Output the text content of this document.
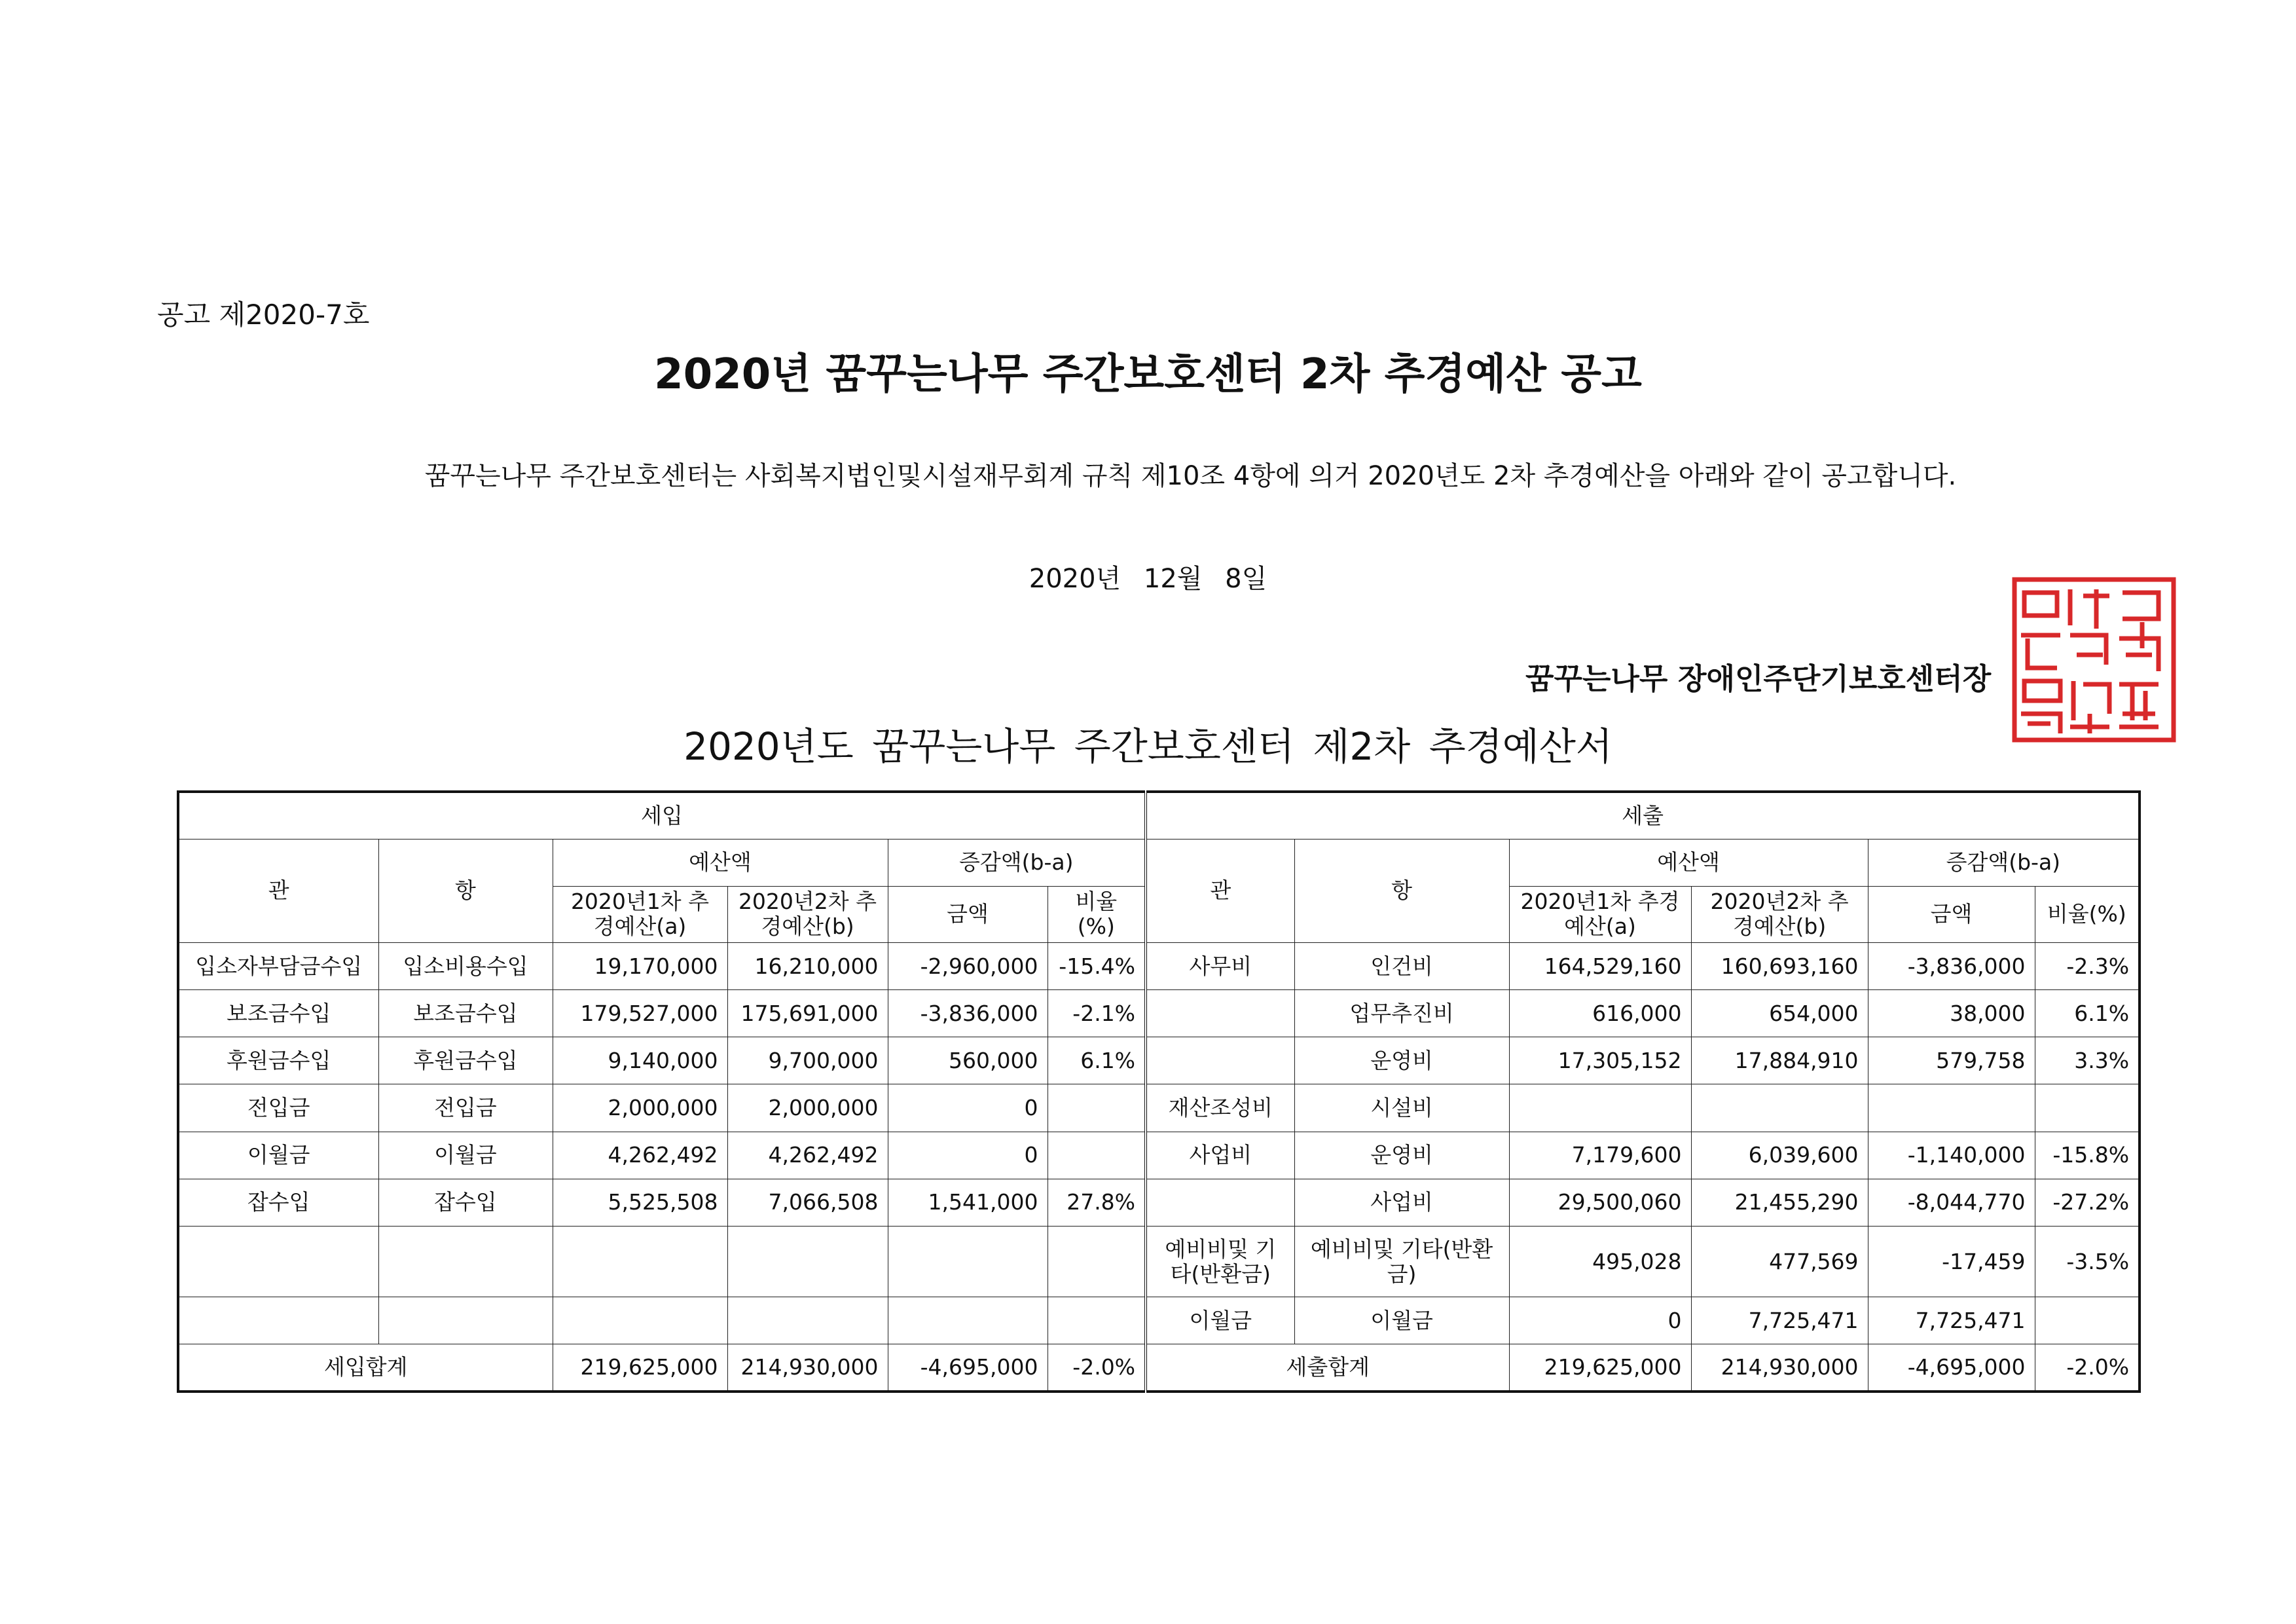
공고 제2020-7호
2020년 꿈꾸는나무 주간보호센터 2차 추경예산 공고
꿈꾸는나무 주간보호센터는 사회복지법인및시설재무회계 규칙 제10조 4항에 의거 2020년도 2차 추경예산을 아래와 같이 공고합니다.
2020년 12월 8일
꿈꾸는나무 장애인주단기보호센터장
2020년도 꿈꾸는나무 주간보호센터 제2차 추경예산서
세입						세출					
관	항	예산액		증감액(b-a)		관	항	예산액		증감액(b-a)	
		2020년1차 추경예산(a)	2020년2차 추경예산(b)	금액	비율(%)			2020년1차 추경예산(a)	2020년2차 추경예산(b)	금액	비율(%)
입소자부담금수입	입소비용수입	19,170,000	16,210,000	-2,960,000	-15.4%	사무비	인건비	164,529,160	160,693,160	-3,836,000	-2.3%
보조금수입	보조금수입	179,527,000	175,691,000	-3,836,000	-2.1%		업무추진비	616,000	654,000	38,000	6.1%
후원금수입	후원금수입	9,140,000	9,700,000	560,000	6.1%		운영비	17,305,152	17,884,910	579,758	3.3%
전입금	전입금	2,000,000	2,000,000	0		재산조성비	시설비				
이월금	이월금	4,262,492	4,262,492	0		사업비	운영비	7,179,600	6,039,600	-1,140,000	-15.8%
잡수입	잡수입	5,525,508	7,066,508	1,541,000	27.8%		사업비	29,500,060	21,455,290	-8,044,770	-27.2%
						예비비및 기타(반환금)	예비비및 기타(반환금)	495,028	477,569	-17,459	-3.5%
						이월금	이월금	0	7,725,471	7,725,471	
세입합계		219,625,000	214,930,000	-4,695,000	-2.0%	세출합계		219,625,000	214,930,000	-4,695,000	-2.0%
